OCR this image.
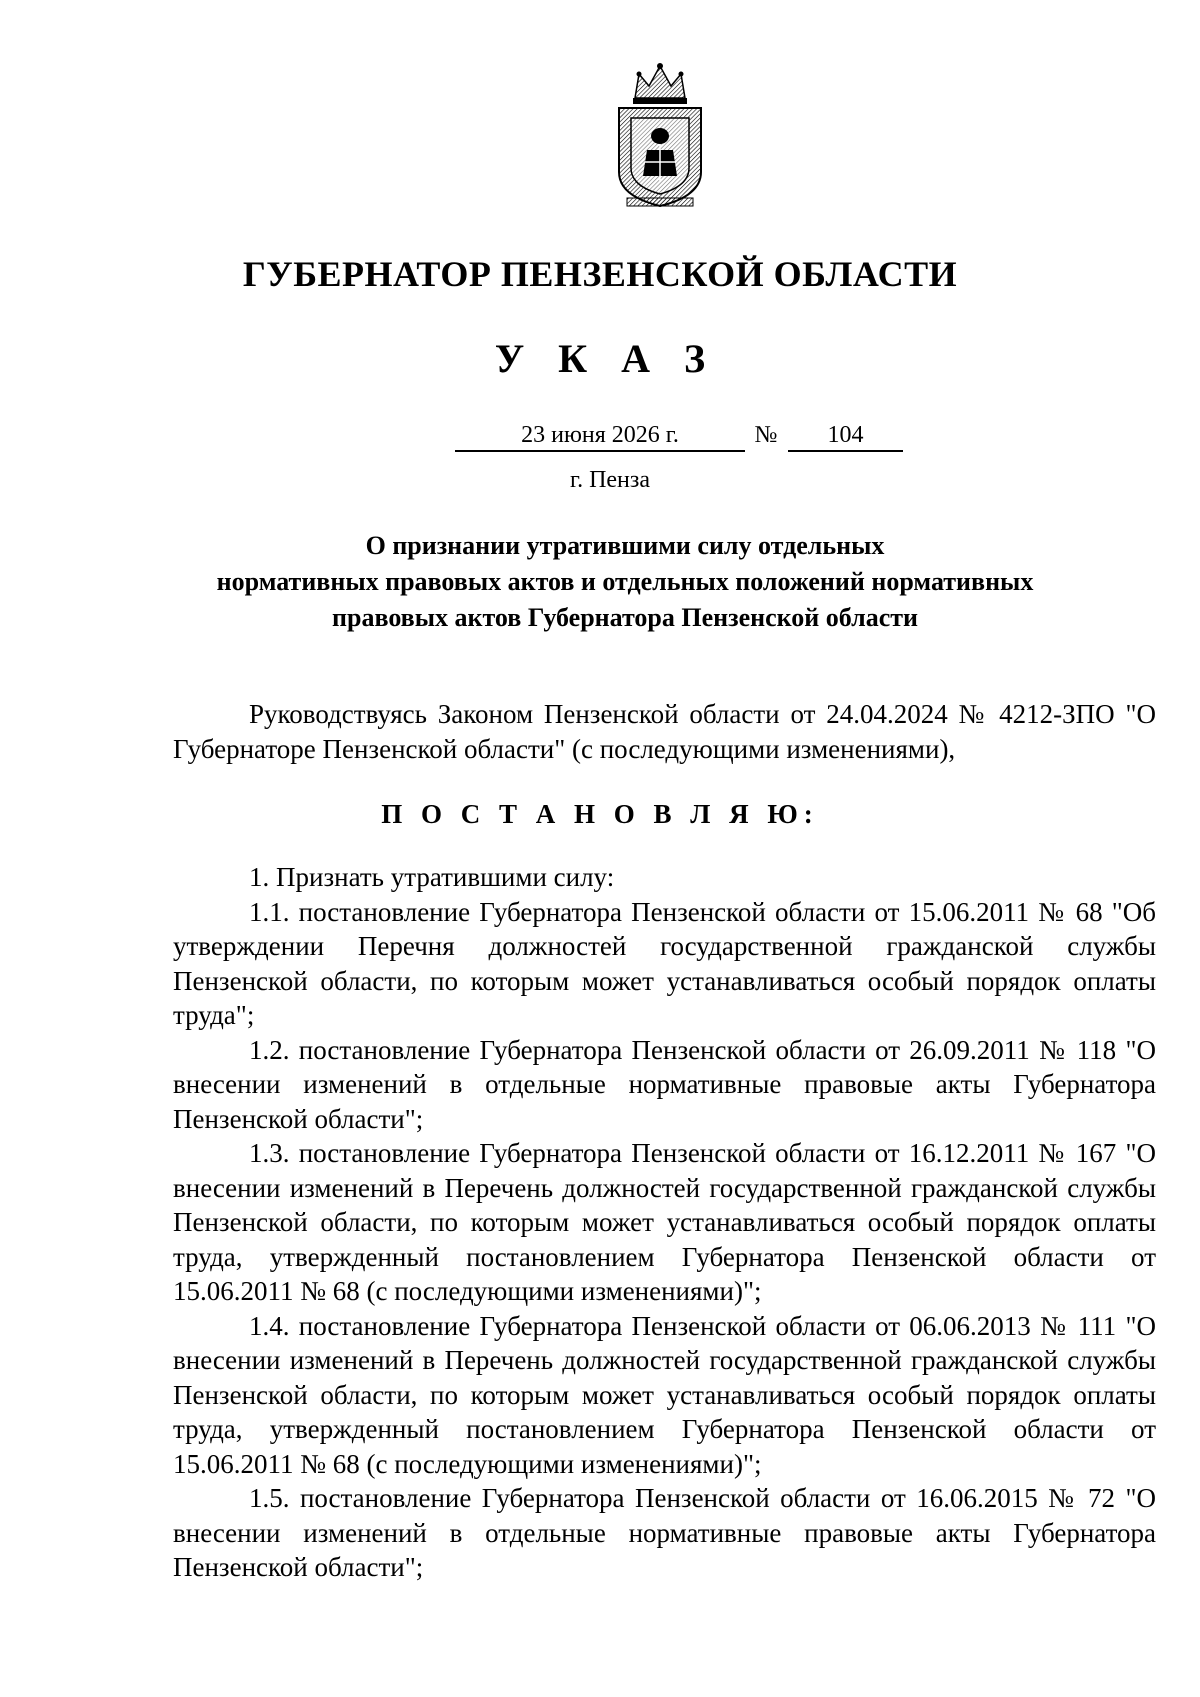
ГУБЕРНАТОР ПЕНЗЕНСКОЙ ОБЛАСТИ
У К А З
23 июня 2026 г.	№	104
г. Пенза
О признании утратившими силу отдельных
нормативных правовых актов и отдельных положений нормативных
правовых актов Губернатора Пензенской области

Руководствуясь Законом Пензенской области от 24.04.2024 № 4212-ЗПО "О Губернаторе Пензенской области" (с последующими изменениями),

П О С Т А Н О В Л Я Ю:

1. Признать утратившими силу:

1.1. постановление Губернатора Пензенской области от 15.06.2011 № 68 "Об утверждении Перечня должностей государственной гражданской службы Пензенской области, по которым может устанавливаться особый порядок оплаты труда";

1.2. постановление Губернатора Пензенской области от 26.09.2011 № 118 "О внесении изменений в отдельные нормативные правовые акты Губернатора Пензенской области";

1.3. постановление Губернатора Пензенской области от 16.12.2011 № 167 "О внесении изменений в Перечень должностей государственной гражданской службы Пензенской области, по которым может устанавливаться особый порядок оплаты труда, утвержденный постановлением Губернатора Пензенской области от 15.06.2011 № 68 (с последующими изменениями)";

1.4. постановление Губернатора Пензенской области от 06.06.2013 № 111 "О внесении изменений в Перечень должностей государственной гражданской службы Пензенской области, по которым может устанавливаться особый порядок оплаты труда, утвержденный постановлением Губернатора Пензенской области от 15.06.2011 № 68 (с последующими изменениями)";

1.5. постановление Губернатора Пензенской области от 16.06.2015 № 72 "О внесении изменений в отдельные нормативные правовые акты Губернатора Пензенской области";
